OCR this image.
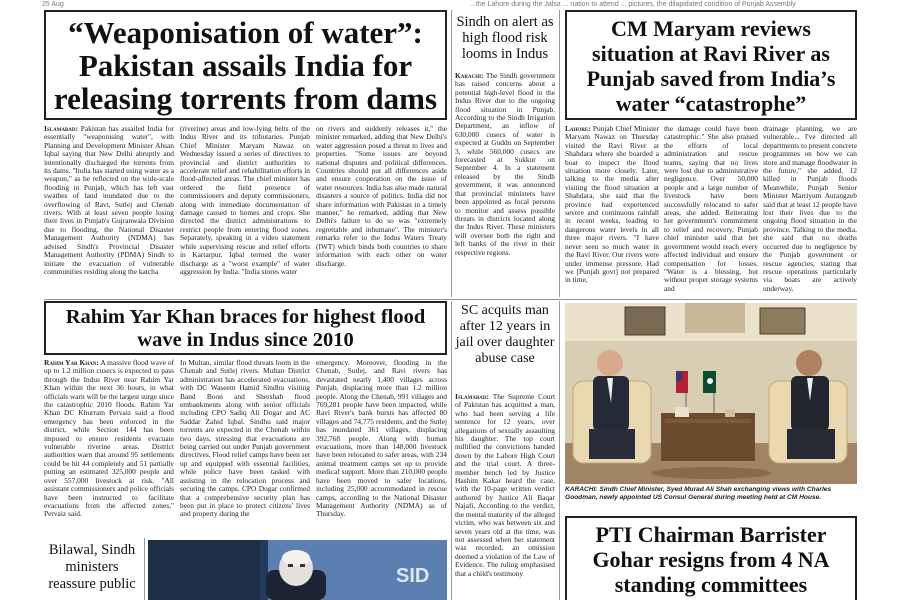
25 Aug	...the Lahore during the Jalsa ... nation to attend ... pictures, the dilapidated condition of Punjab Assembly
“Weaponisation of water”: Pakistan assails India for releasing torrents from dams

Islamabad: Pakistan has assailed India for essentially "weaponising water", with Planning and Development Minister Ahsan Iqbal saying that New Delhi abruptly and intentionally discharged the torrents from its dams. "India has started using water as a weapon," as he reflected on the wide-scale flooding in Punjab, which has left vast swathes of land inundated due to the overflowing of Ravi, Sutlej and Chenab rivers. With at least seven people losing their lives in Punjab's Gujranwala Division due to flooding, the National Disaster Management Authority (NDMA) has advised Sindh's Provincial Disaster Management Authority (PDMA) Sindh to initiate the evacuation of vulnerable communities residing along the katcha

(riverine) areas and low-lying belts of the Indus River and its tributaries. Punjab Chief Minister Maryam Nawaz on Wednesday issued a series of directives to provincial and district authorities to accelerate relief and rehabilitation efforts in flood-affected areas. The chief minister has ordered the field presence of commissioners and deputy commissioners, along with immediate documentation of damage caused to homes and crops. She directed the district administrations to restrict people from entering flood zones. Separately, speaking in a video statement while supervising rescue and relief efforts in Kartarpur, Iqbal termed the water discharge as a "worst example" of water aggression by India. "India stores water

on rivers and suddenly releases it," the minister remarked, adding that New Delhi's water aggression posed a threat to lives and properties. "Some issues are beyond national disputes and political differences. Countries should put all differences aside and ensure cooperation on the issue of water resources. India has also made natural disasters a source of politics. India did not share information with Pakistan in a timely manner," he remarked, adding that New Delhi's failure to do so was "extremely regrettable and inhumane". The minister's remarks refer to the Indus Waters Treaty (IWT) which binds both countries to share information with each other on water discharge.

Sindh on alert as high flood risk looms in Indus

Karachi: The Sindh government has raised concerns about a potential high-level flood in the Indus River due to the ongoing flood situation in Punjab. According to the Sindh Irrigation Department, an inflow of 630,000 cusecs of water is expected at Guddu on September 3, while 560,000 cusecs are forecasted at Sukkur on September 4. In a statement released by the Sindh government, it was announced that provincial ministers have been appointed as focal persons to monitor and assess possible threats in districts located along the Indus River. These ministers will oversee both the right and left banks of the river in their respective regions.

CM Maryam reviews situation at Ravi River as Punjab saved from India’s water “catastrophe”

Lahore: Punjab Chief Minister Maryam Nawaz on Thursday visited the Ravi River at Shahdara where she boarded a boat to inspect the flood situation more closely. Later, talking to the media after visiting the flood situation at Shahdara, she said that the province had experienced severe and continuous rainfall in recent weeks, leading to dangerous water levels in all three major rivers. "I have never seen so much water in the Ravi River. Our rivers were under immense pressure. Had we [Punjab govt] not prepared in time,

the damage could have been catastrophic." She also praised the efforts of local administration and rescue teams, saying that no lives were lost due to administrative negligence. Over 50,000 people and a large number of livestock have been successfully relocated to safer areas, she added. Reiterating her government's commitment to relief and recovery, Punjab chief minister said that her government would reach every affected individual and ensure compensation for losses. "Water is a blessing, but without proper storage systems and

drainage planning, we are vulnerable... I've directed all departments to present concrete programmes on how we can store and manage floodwater in the future," she added. 12 killed in Punjab floods Meanwhile, Punjab Senior Minister Marriyum Aurangzeb said that at least 12 people have lost their lives due to the ongoing flood situation in the province. Talking to the media, she said that no deaths occurred due to negligence by the Punjab government or rescue agencies, stating that rescue operations particularly via boats are actively underway.

Rahim Yar Khan braces for highest flood wave in Indus since 2010

Rahim Yar Khan: A massive flood wave of up to 1.2 million cusecs is expected to pass through the Indus River near Rahim Yar Khan within the next 36 hours, in what officials warn will be the largest surge since the catastrophic 2010 floods. Rahim Yar Khan DC Khurram Pervaiz said a flood emergency has been enforced in the district, while Section 144 has been imposed to ensure residents evacuate vulnerable riverine areas. District authorities warn that around 95 settlements could be hit 44 completely and 51 partially putting an estimated 325,000 people and over 557,000 livestock at risk. "All assistant commissioners and police officials have been instructed to facilitate evacuations from the affected zones," Pervaiz said.

In Multan, similar flood threats loom in the Chenab and Sutlej rivers. Multan District administration has accelerated evacuations, with DC Waseem Hamid Sindhu visiting Band Boon and Shershah flood embankments along with senior officials including CPO Sadiq Ali Dogar and AC Saddar Zahid Iqbal. Sindhu said major torrents are expected in the Chenab within two days, stressing that evacuations are being carried out under Punjab government directives. Flood relief camps have been set up and equipped with essential facilities, while police have been tasked with assisting in the relocation process and securing the camps. CPO Dogar confirmed that a comprehensive security plan has been put in place to protect citizens' lives and property during the

emergency. Moreover, flooding in the Chenab, Sutlej, and Ravi rivers has devastated nearly 1,400 villages across Punjab, displacing more than 1.2 million people. Along the Chenab, 991 villages and 769,281 people have been impacted, while Ravi River's bank bursts has affected 80 villages and 74,775 residents, and the Sutlej has inundated 361 villages, displacing 392,768 people. Along with human evacuations, more than 148,000 livestock have been relocated to safer areas, with 234 animal treatment camps set up to provide medical support. More than 210,000 people have been moved to safer locations, including 25,000 accommodated in rescue camps, according to the National Disaster Management Authority (NDMA) as of Thursday.

SC acquits man after 12 years in jail over daughter abuse case

Islamabad: The Supreme Court of Pakistan has acquitted a man, who had been serving a life sentence for 12 years, over allegations of sexually assaulting his daughter. The top court nullified the convictions handed down by the Lahore High Court and the trial court. A three-member bench led by Justice Hashim Kakar heard the case, with the 10-page written verdict authored by Justice Ali Baqar Najafi. According to the verdict, the mental maturity of the alleged victim, who was between six and seven years old at the time, was not assessed when her statement was recorded, an omission deemed a violation of the Law of Evidence. The ruling emphasised that a child's testimony

KARACHI: Sindh Chief Minister, Syed Murad Ali Shah exchanging views with Charles Goodman, newly appointed US Consul General during meeting held at CM House.
Bilawal, Sindh ministers reassure public	SID
PTI Chairman Barrister Gohar resigns from 4 NA standing committees
